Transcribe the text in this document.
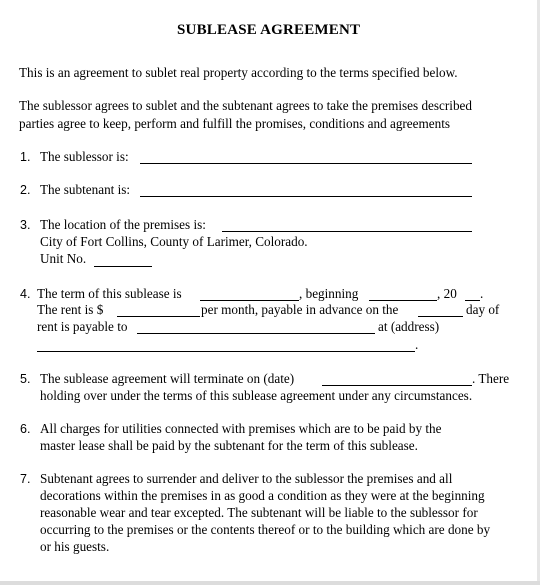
SUBLEASE AGREEMENT
This is an agreement to sublet real property according to the terms specified below.
The sublessor agrees to sublet and the subtenant agrees to take the premises described
parties agree to keep, perform and fulfill the promises, conditions and agreements
1. The sublessor is:
2. The subtenant is:
3. The location of the premises is:
City of Fort Collins, County of Larimer, Colorado.
Unit No.
4. The term of this sublease is	, beginning	, 20 .
The rent is $	per month, payable in advance on the	day of
rent is payable to	at (address)
.
5. The sublease agreement will terminate on (date)	. There
holding over under the terms of this sublease agreement under any circumstances.
6. All charges for utilities connected with premises which are to be paid by the
master lease shall be paid by the subtenant for the term of this sublease.
7. Subtenant agrees to surrender and deliver to the sublessor the premises and all
decorations within the premises in as good a condition as they were at the beginning
reasonable wear and tear excepted. The subtenant will be liable to the sublessor for
occurring to the premises or the contents thereof or to the building which are done by
or his guests.
